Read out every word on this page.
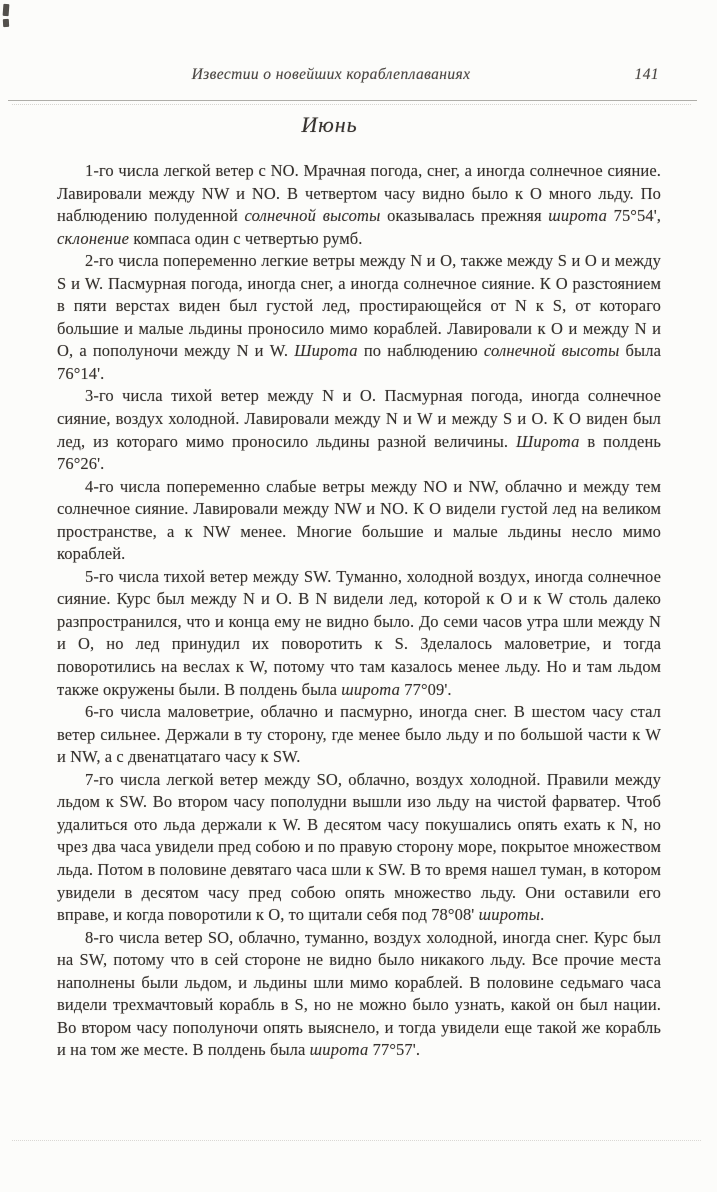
Известии о новейших кораблеплаваниях	141
Июнь

1-го числа легкой ветер с NO. Мрачная погода, снег, а иногда солнечное сияние. Лавировали между NW и NO. В четвертом часу видно было к О много льду. По наблюдению полуденной солнечной высоты оказывалась прежняя широта 75°54', склонение компаса один с четвертью румб.

2-го числа попеременно легкие ветры между N и О, также между S и О и между S и W. Пасмурная погода, иногда снег, а иногда солнечное сияние. К О разстоянием в пяти верстах виден был густой лед, простирающейся от N к S, от котораго большие и малые льдины проносило мимо кораблей. Лавировали к О и между N и О, а пополуночи между N и W. Широта по наблюдению солнечной высоты была 76°14'.

3-го числа тихой ветер между N и О. Пасмурная погода, иногда солнечное сияние, воздух холодной. Лавировали между N и W и между S и О. К О виден был лед, из котораго мимо проносило льдины разной величины. Широта в полдень 76°26'.

4-го числа попеременно слабые ветры между NO и NW, облачно и между тем солнечное сияние. Лавировали между NW и NO. К О видели густой лед на великом пространстве, а к NW менее. Многие большие и малые льдины несло мимо кораблей.

5-го числа тихой ветер между SW. Туманно, холодной воздух, иногда солнечное сияние. Курс был между N и О. В N видели лед, которой к О и к W столь далеко разпространился, что и конца ему не видно было. До семи часов утра шли между N и О, но лед принудил их поворотить к S. Зделалось маловетрие, и тогда поворотились на веслах к W, потому что там казалось менее льду. Но и там льдом также окружены были. В полдень была широта 77°09'.

6-го числа маловетрие, облачно и пасмурно, иногда снег. В шестом часу стал ветер сильнее. Держали в ту сторону, где менее было льду и по большой части к W и NW, а с двенатцатаго часу к SW.

7-го числа легкой ветер между SO, облачно, воздух холодной. Правили между льдом к SW. Во втором часу пополудни вышли изо льду на чистой фарватер. Чтоб удалиться ото льда держали к W. В десятом часу покушались опять ехать к N, но чрез два часа увидели пред собою и по правую сторону море, покрытое множеством льда. Потом в половине девятаго часа шли к SW. В то время нашел туман, в котором увидели в десятом часу пред собою опять множество льду. Они оставили его вправе, и когда поворотили к О, то щитали себя под 78°08' широты.

8-го числа ветер SO, облачно, туманно, воздух холодной, иногда снег. Курс был на SW, потому что в сей стороне не видно было никакого льду. Все прочие места наполнены были льдом, и льдины шли мимо кораблей. В половине седьмаго часа видели трехмачтовый корабль в S, но не можно было узнать, какой он был нации. Во втором часу пополуночи опять выяснело, и тогда увидели еще такой же корабль и на том же месте. В полдень была широта 77°57'.
